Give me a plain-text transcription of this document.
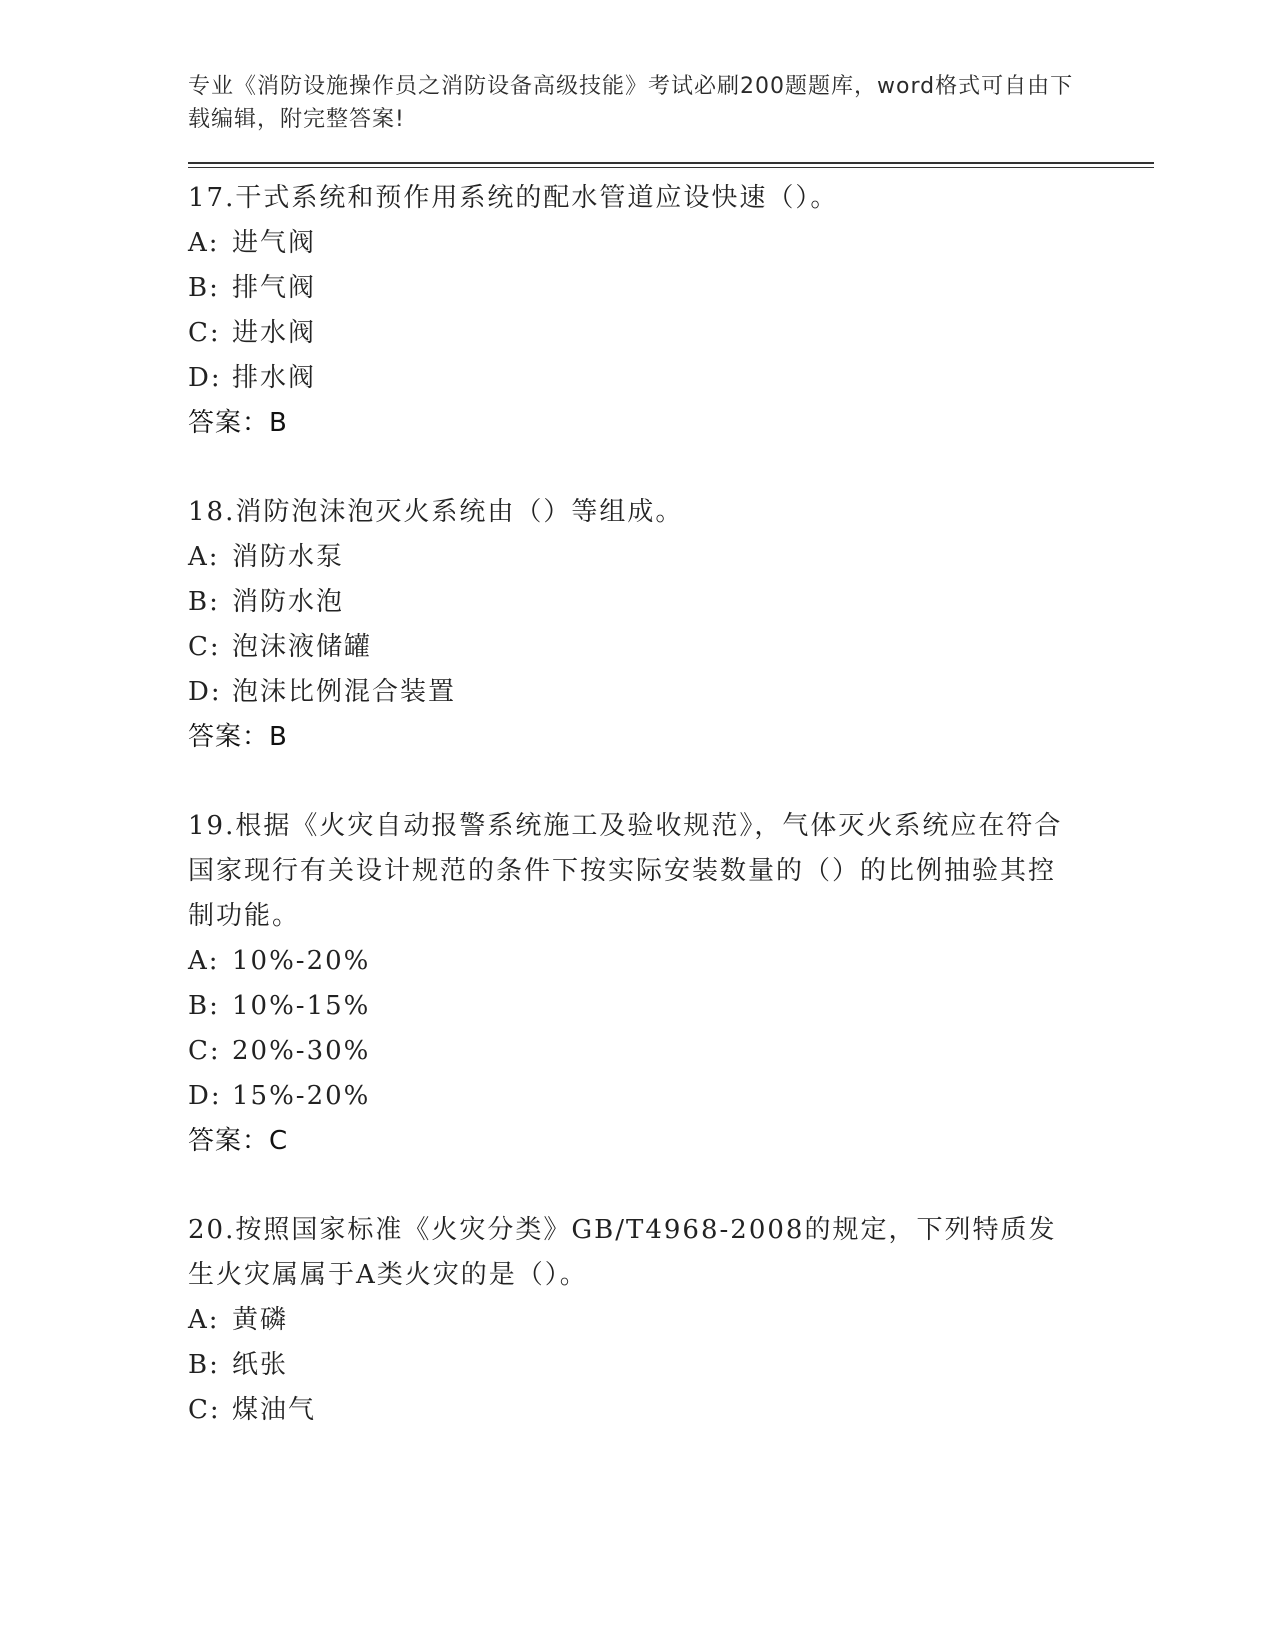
专业《消防设施操作员之消防设备高级技能》考试必刷200题题库，word格式可自由下载编辑，附完整答案!
17.干式系统和预作用系统的配水管道应设快速（）。
A: 进气阀
B: 排气阀
C: 进水阀
D: 排水阀
答案：B
18.消防泡沫泡灭火系统由（）等组成。
A: 消防水泵
B: 消防水泡
C: 泡沫液储罐
D: 泡沫比例混合装置
答案：B
19.根据《火灾自动报警系统施工及验收规范》，气体灭火系统应在符合国家现行有关设计规范的条件下按实际安装数量的（）的比例抽验其控制功能。
A: 10%-20%
B: 10%-15%
C: 20%-30%
D: 15%-20%
答案：C
20.按照国家标准《火灾分类》GB/T4968-2008的规定，下列特质发生火灾属属于A类火灾的是（）。
A: 黄磷
B: 纸张
C: 煤油气
